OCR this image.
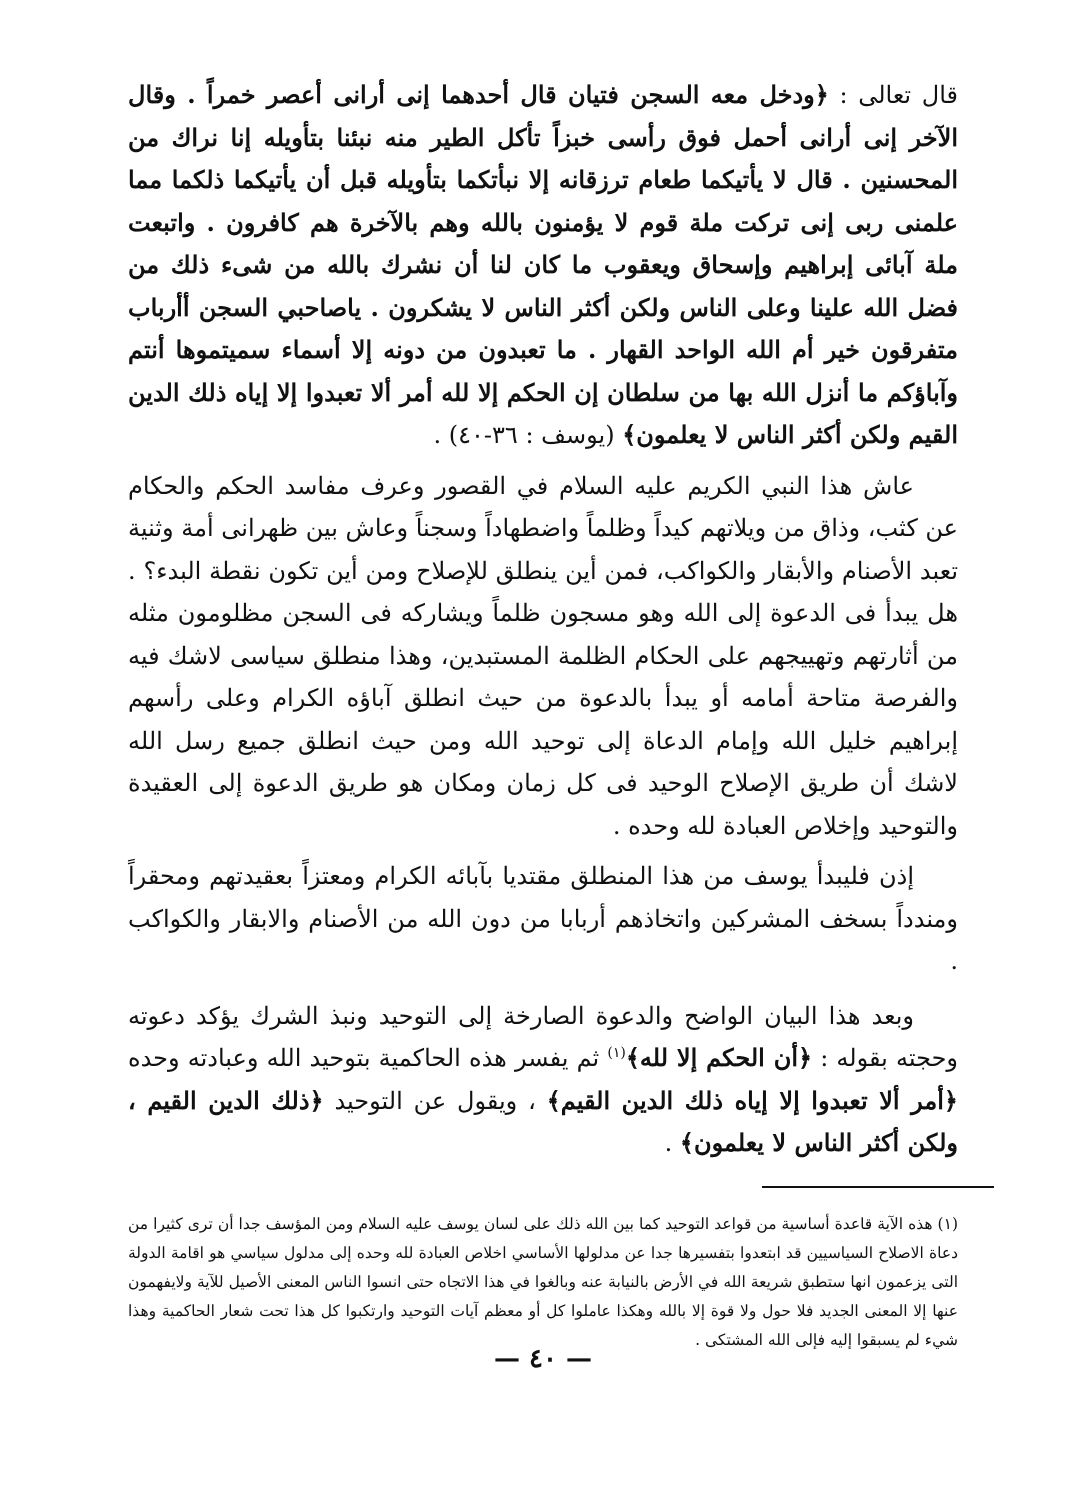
قال تعالى : ﴿ودخل معه السجن فتيان قال أحدهما إنى أرانى أعصر خمراً . وقال الآخر إنى أرانى أحمل فوق رأسى خبزاً تأكل الطير منه نبئنا بتأويله إنا نراك من المحسنين . قال لا يأتيكما طعام ترزقانه إلا نبأتكما بتأويله قبل أن يأتيكما ذلكما مما علمنى ربى إنى تركت ملة قوم لا يؤمنون بالله وهم بالآخرة هم كافرون . واتبعت ملة آبائى إبراهيم وإسحاق ويعقوب ما كان لنا أن نشرك بالله من شىء ذلك من فضل الله علينا وعلى الناس ولكن أكثر الناس لا يشكرون . ياصاحبي السجن أأرباب متفرقون خير أم الله الواحد القهار . ما تعبدون من دونه إلا أسماء سميتموها أنتم وآباؤكم ما أنزل الله بها من سلطان إن الحكم إلا لله أمر ألا تعبدوا إلا إياه ذلك الدين القيم ولكن أكثر الناس لا يعلمون﴾ (يوسف : ٣٦-٤٠) .

عاش هذا النبي الكريم عليه السلام في القصور وعرف مفاسد الحكم والحكام عن كثب، وذاق من ويلاتهم كيداً وظلماً واضطهاداً وسجناً وعاش بين ظهرانى أمة وثنية تعبد الأصنام والأبقار والكواكب، فمن أين ينطلق للإصلاح ومن أين تكون نقطة البدء؟ . هل يبدأ فى الدعوة إلى الله وهو مسجون ظلماً ويشاركه فى السجن مظلومون مثله من أثارتهم وتهييجهم على الحكام الظلمة المستبدين، وهذا منطلق سياسى لاشك فيه والفرصة متاحة أمامه أو يبدأ بالدعوة من حيث انطلق آباؤه الكرام وعلى رأسهم إبراهيم خليل الله وإمام الدعاة إلى توحيد الله ومن حيث انطلق جميع رسل الله لاشك أن طريق الإصلاح الوحيد فى كل زمان ومكان هو طريق الدعوة إلى العقيدة والتوحيد وإخلاص العبادة لله وحده .

إذن فليبدأ يوسف من هذا المنطلق مقتديا بآبائه الكرام ومعتزاً بعقيدتهم ومحقراً ومندداً بسخف المشركين واتخاذهم أربابا من دون الله من الأصنام والابقار والكواكب .

وبعد هذا البيان الواضح والدعوة الصارخة إلى التوحيد ونبذ الشرك يؤكد دعوته وحجته بقوله : ﴿أن الحكم إلا لله﴾$^{(١)}$ ثم يفسر هذه الحاكمية بتوحيد الله وعبادته وحده ﴿أمر ألا تعبدوا إلا إياه ذلك الدين القيم﴾ ، ويقول عن التوحيد ﴿ذلك الدين القيم ، ولكن أكثر الناس لا يعلمون﴾ .

(١) هذه الآية قاعدة أساسية من قواعد التوحيد كما بين الله ذلك على لسان يوسف عليه السلام ومن المؤسف جدا أن ترى كثيرا من دعاة الاصلاح السياسيين قد ابتعدوا بتفسيرها جدا عن مدلولها الأساسي اخلاص العبادة لله وحده إلى مدلول سياسي هو اقامة الدولة التى يزعمون انها ستطبق شريعة الله في الأرض بالنيابة عنه وبالغوا في هذا الاتجاه حتى انسوا الناس المعنى الأصيل للآية ولايفهمون عنها إلا المعنى الجديد فلا حول ولا قوة إلا بالله وهكذا عاملوا كل أو معظم آيات التوحيد وارتكبوا كل هذا تحت شعار الحاكمية وهذا شيء لم يسبقوا إليه فإلى الله المشتكى .

— ٤٠ —
